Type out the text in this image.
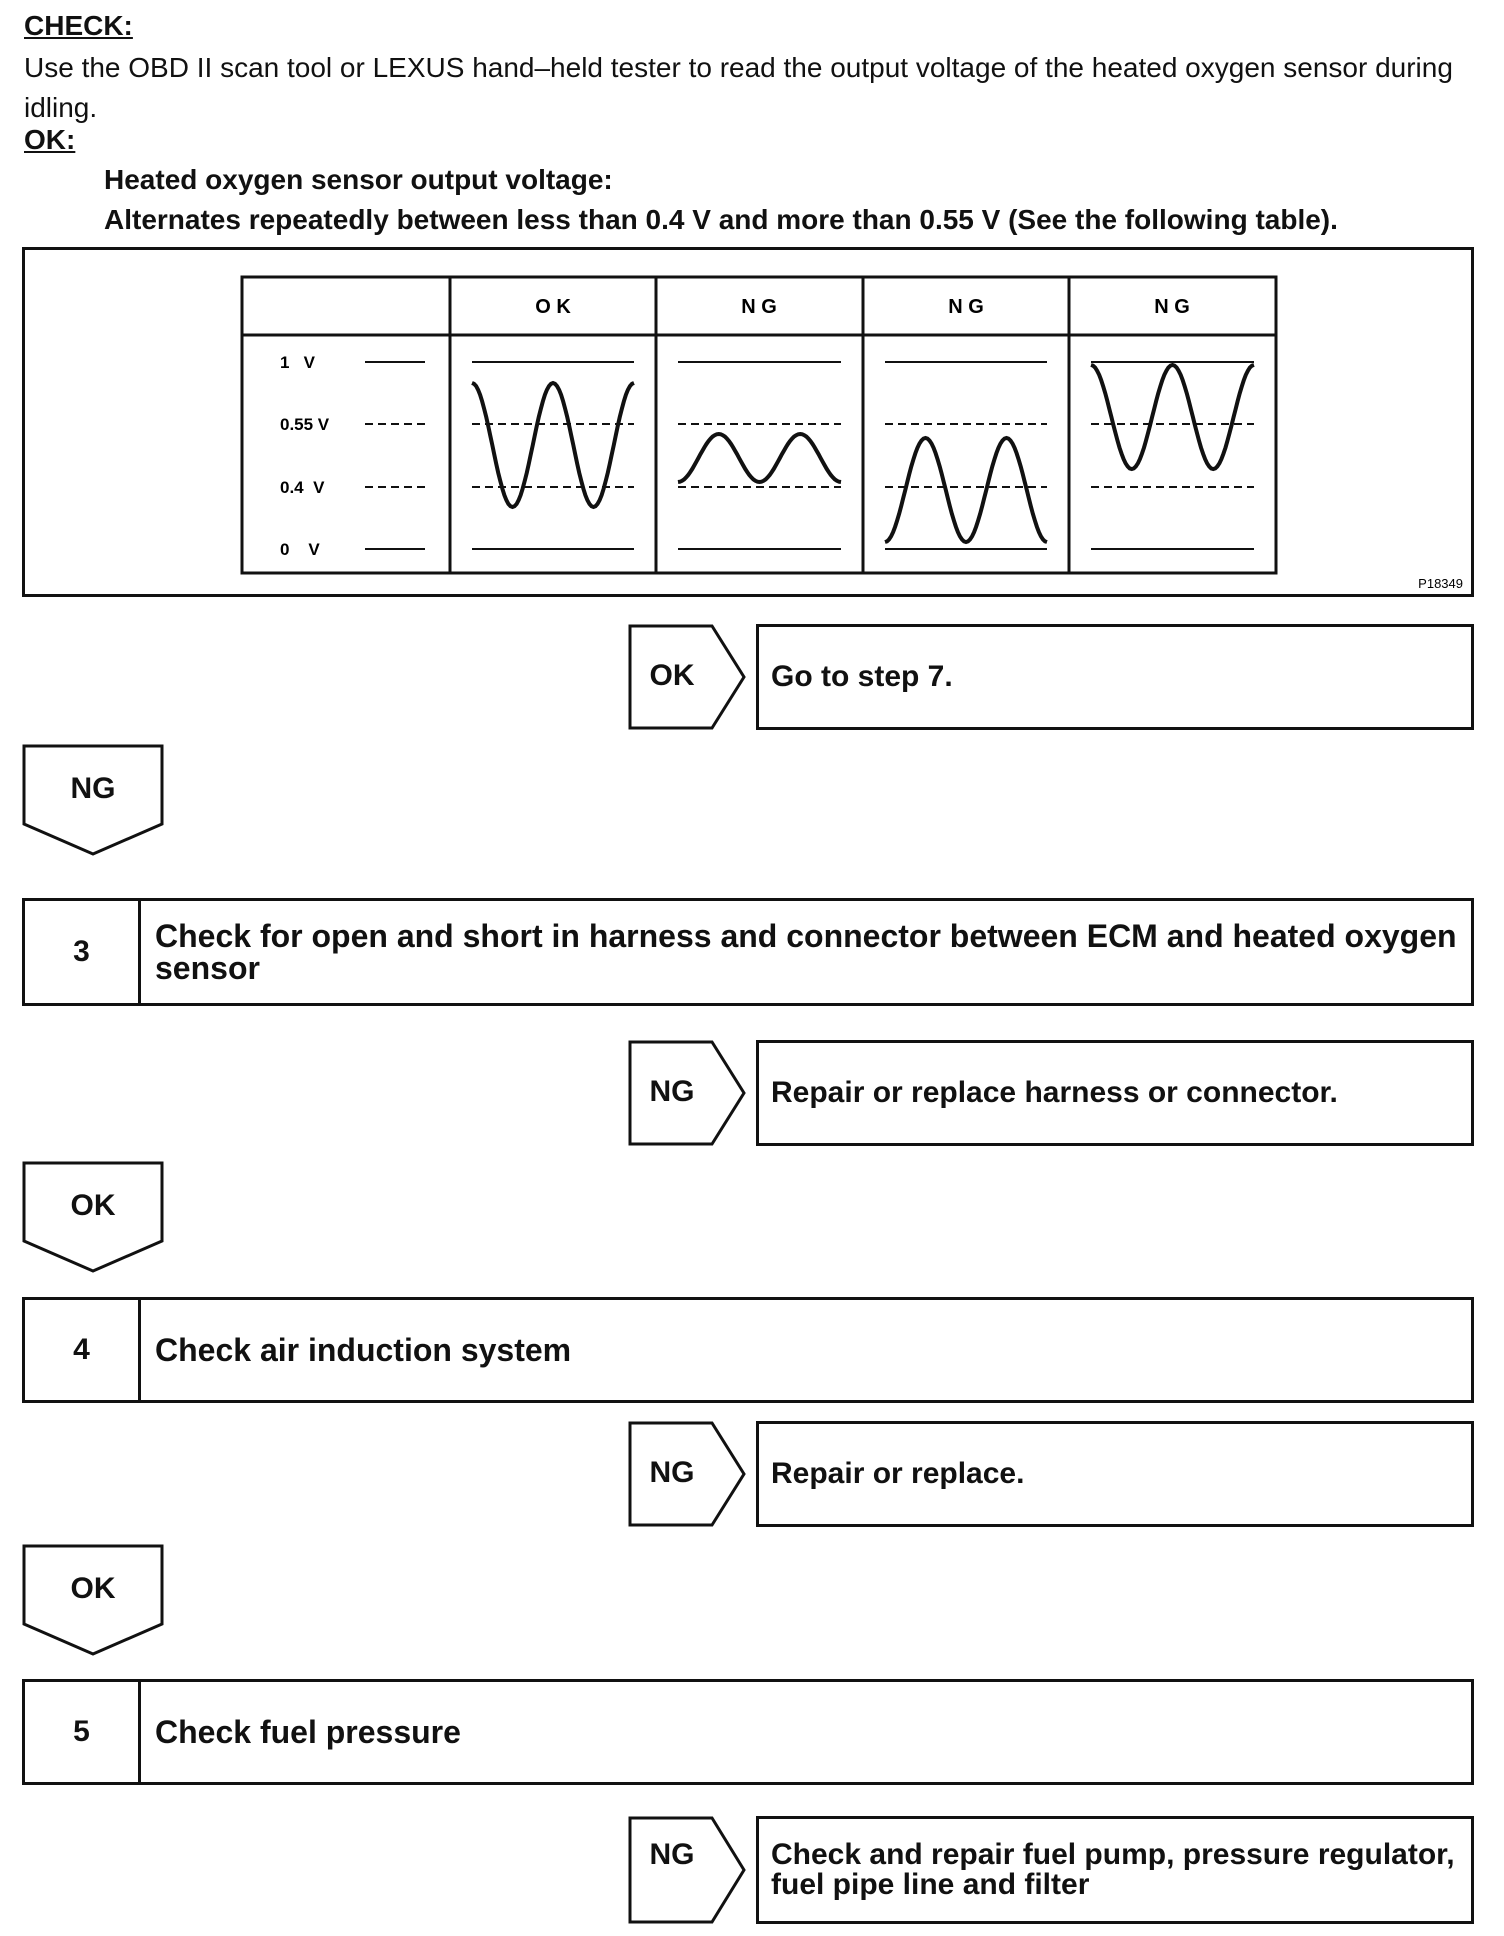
CHECK:
Use the OBD II scan tool or LEXUS hand–held tester to read the output voltage of the heated oxygen sensor during idling.
OK:
Heated oxygen sensor output voltage:
Alternates repeatedly between less than 0.4 V and more than 0.55 V (See the following table).
O K	N G	N G	N G
1   V
0.55 V
0.4  V
0    V
P18349
OK	Go to step 7.
NG
3	Check for open and short in harness and connector between ECM and heated oxygen sensor
NG	Repair or replace harness or connector.
OK
4	Check air induction system
NG	Repair or replace.
OK
5	Check fuel pressure
NG	Check and repair fuel pump, pressure regulator, fuel pipe line and filter
